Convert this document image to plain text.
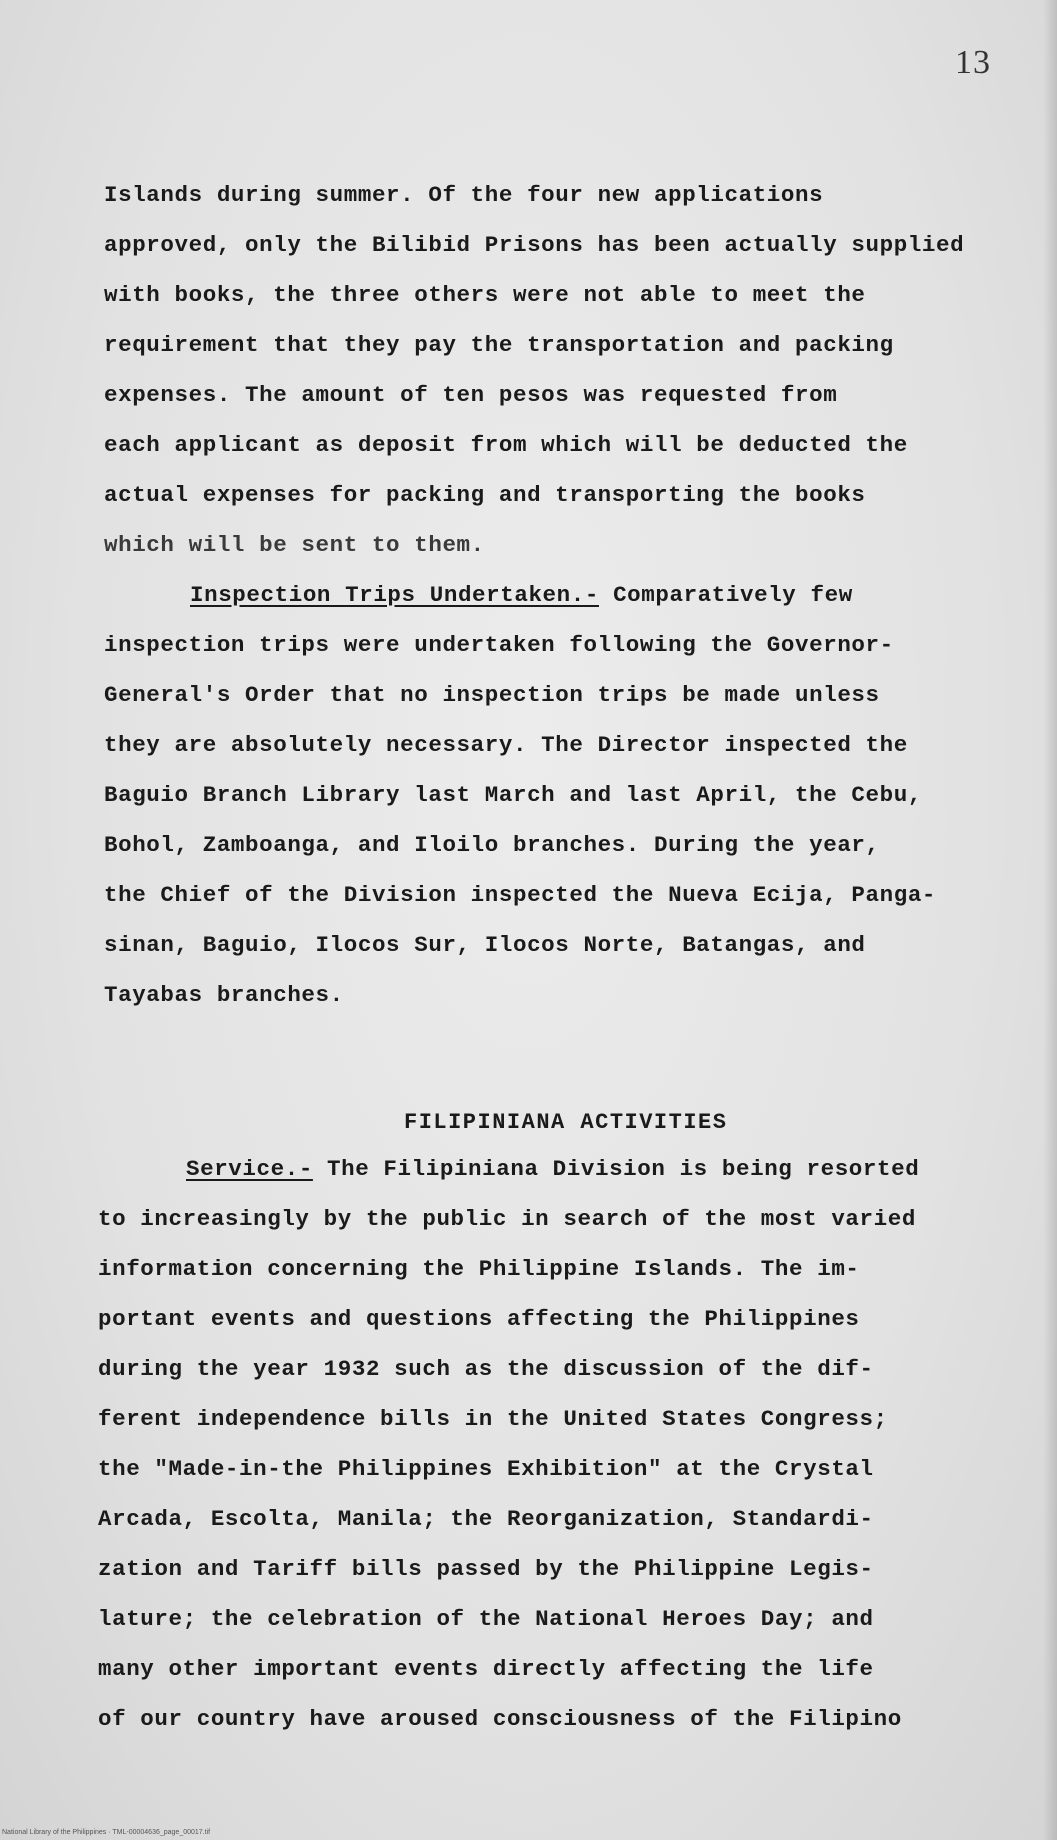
13
Islands during summer. Of the four new applications
approved, only the Bilibid Prisons has been actually supplied
with books, the three others were not able to meet the
requirement that they pay the transportation and packing
expenses. The amount of ten pesos was requested from
each applicant as deposit from which will be deducted the
actual expenses for packing and transporting the books
which will be sent to them.
Inspection Trips Undertaken.- Comparatively few
inspection trips were undertaken following the Governor-
General's Order that no inspection trips be made unless
they are absolutely necessary. The Director inspected the
Baguio Branch Library last March and last April, the Cebu,
Bohol, Zamboanga, and Iloilo branches. During the year,
the Chief of the Division inspected the Nueva Ecija, Panga-
sinan, Baguio, Ilocos Sur, Ilocos Norte, Batangas, and
Tayabas branches.
FILIPINIANA ACTIVITIES
Service.- The Filipiniana Division is being resorted
to increasingly by the public in search of the most varied
information concerning the Philippine Islands. The im-
portant events and questions affecting the Philippines
during the year 1932 such as the discussion of the dif-
ferent independence bills in the United States Congress;
the "Made-in-the Philippines Exhibition" at the Crystal
Arcada, Escolta, Manila; the Reorganization, Standardi-
zation and Tariff bills passed by the Philippine Legis-
lature; the celebration of the National Heroes Day; and
many other important events directly affecting the life
of our country have aroused consciousness of the Filipino
National Library of the Philippines · TML-00004636_page_00017.tif
